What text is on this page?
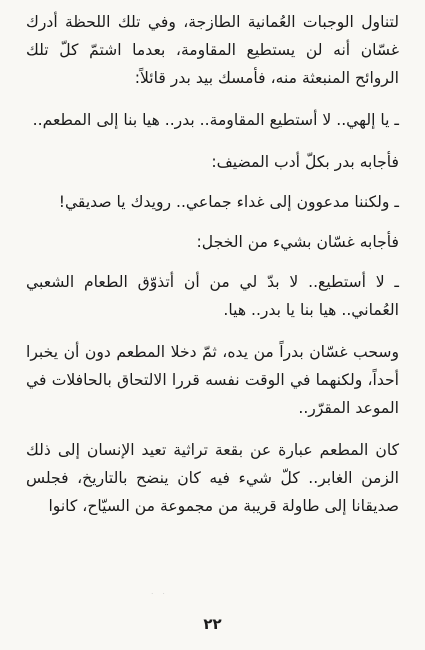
لتناول الوجبات العُمانية الطازجة، وفي تلك اللحظة أدرك غسّان أنه لن يستطيع المقاومة، بعدما اشتمّ كلّ تلك الروائح المنبعثة منه، فأمسك بيد بدر قائلاً:

ـ يا إلهي.. لا أستطيع المقاومة.. بدر.. هيا بنا إلى المطعم..

فأجابه بدر بكلّ أدب المضيف:

ـ ولكننا مدعوون إلى غداء جماعي.. رويدك يا صديقي!

فأجابه غسّان بشيء من الخجل:

ـ لا أستطيع.. لا بدّ لي من أن أتذوّق الطعام الشعبي العُماني.. هيا بنا يا بدر.. هيا.

وسحب غسّان بدراً من يده، ثمّ دخلا المطعم دون أن يخبرا أحداً، ولكنهما في الوقت نفسه قررا الالتحاق بالحافلات في الموعد المقرّر..

كان المطعم عبارة عن بقعة تراثية تعيد الإنسان إلى ذلك الزمن الغابر.. كلّ شيء فيه كان ينضح بالتاريخ، فجلس صديقانا إلى طاولة قريبة من مجموعة من السيّاح، كانوا

˙ ˙
٢٢
